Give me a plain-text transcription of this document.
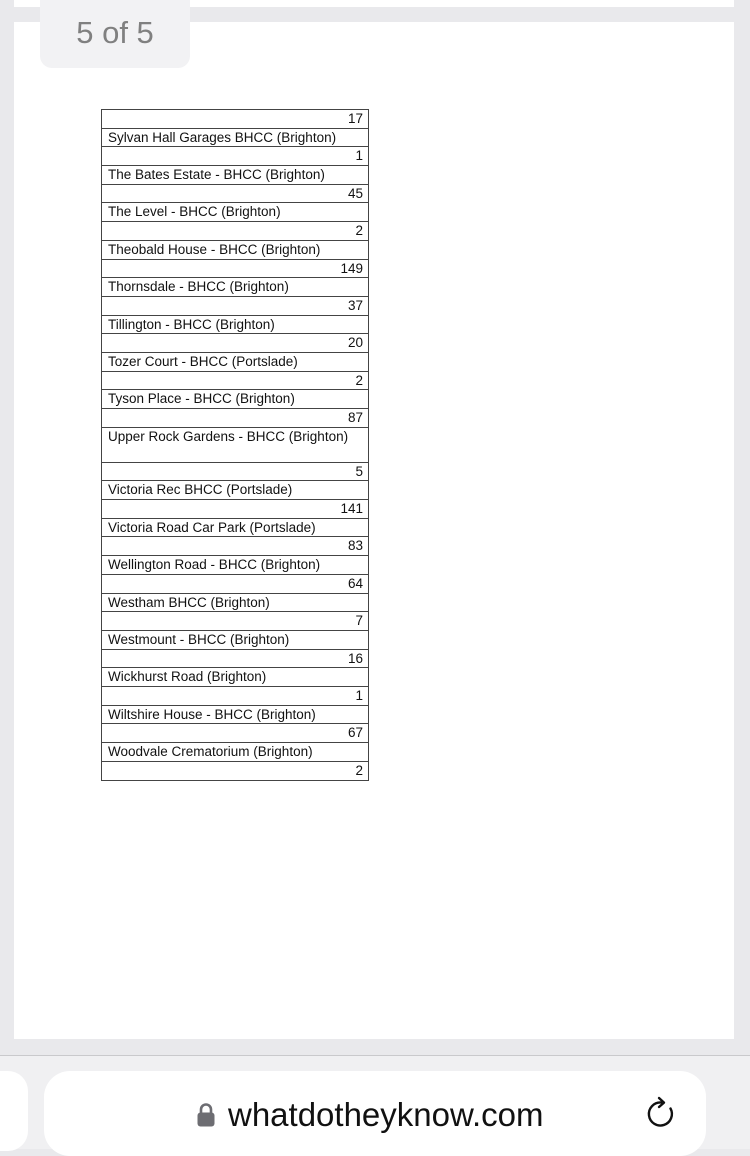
5 of 5
17
Sylvan Hall Garages BHCC (Brighton)
1
The Bates Estate - BHCC (Brighton)
45
The Level - BHCC (Brighton)
2
Theobald House - BHCC (Brighton)
149
Thornsdale - BHCC (Brighton)
37
Tillington - BHCC (Brighton)
20
Tozer Court - BHCC (Portslade)
2
Tyson Place - BHCC (Brighton)
87
Upper Rock Gardens - BHCC (Brighton)
5
Victoria Rec BHCC (Portslade)
141
Victoria Road Car Park (Portslade)
83
Wellington Road - BHCC (Brighton)
64
Westham BHCC (Brighton)
7
Westmount - BHCC (Brighton)
16
Wickhurst Road (Brighton)
1
Wiltshire House - BHCC (Brighton)
67
Woodvale Crematorium (Brighton)
2
whatdotheyknow.com
